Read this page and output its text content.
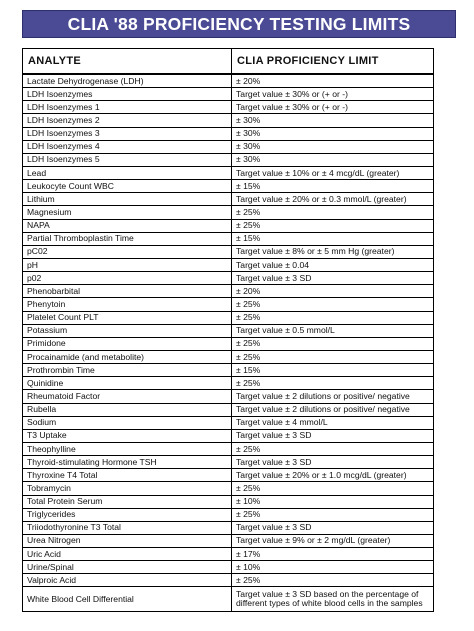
CLIA '88 PROFICIENCY TESTING LIMITS
ANALYTE	CLIA PROFICIENCY LIMIT
Lactate Dehydrogenase (LDH)	± 20%
LDH Isoenzymes	Target value ± 30% or (+ or -)
LDH Isoenzymes 1	Target value ± 30% or (+ or -)
LDH Isoenzymes 2	± 30%
LDH Isoenzymes 3	± 30%
LDH Isoenzymes 4	± 30%
LDH Isoenzymes 5	± 30%
Lead	Target value ± 10% or ± 4 mcg/dL (greater)
Leukocyte Count WBC	± 15%
Lithium	Target value ± 20% or ± 0.3 mmol/L (greater)
Magnesium	± 25%
NAPA	± 25%
Partial Thromboplastin Time	± 15%
pC02	Target value ± 8% or ± 5 mm Hg (greater)
pH	Target value ± 0.04
p02	Target value ± 3 SD
Phenobarbital	± 20%
Phenytoin	± 25%
Platelet Count PLT	± 25%
Potassium	Target value ± 0.5 mmol/L
Primidone	± 25%
Procainamide (and metabolite)	± 25%
Prothrombin Time	± 15%
Quinidine	± 25%
Rheumatoid Factor	Target value ± 2 dilutions or positive/ negative
Rubella	Target value ± 2 dilutions or positive/ negative
Sodium	Target value ± 4 mmol/L
T3 Uptake	Target value ± 3 SD
Theophylline	± 25%
Thyroid-stimulating Hormone TSH	Target value ± 3 SD
Thyroxine T4 Total	Target value ± 20% or ± 1.0 mcg/dL (greater)
Tobramycin	± 25%
Total Protein Serum	± 10%
Triglycerides	± 25%
Triiodothyronine T3 Total	Target value ± 3 SD
Urea Nitrogen	Target value ± 9% or ± 2 mg/dL (greater)
Uric Acid	± 17%
Urine/Spinal	± 10%
Valproic Acid	± 25%
White Blood Cell Differential	Target value ± 3 SD based on the percentage of different types of white blood cells in the samples
